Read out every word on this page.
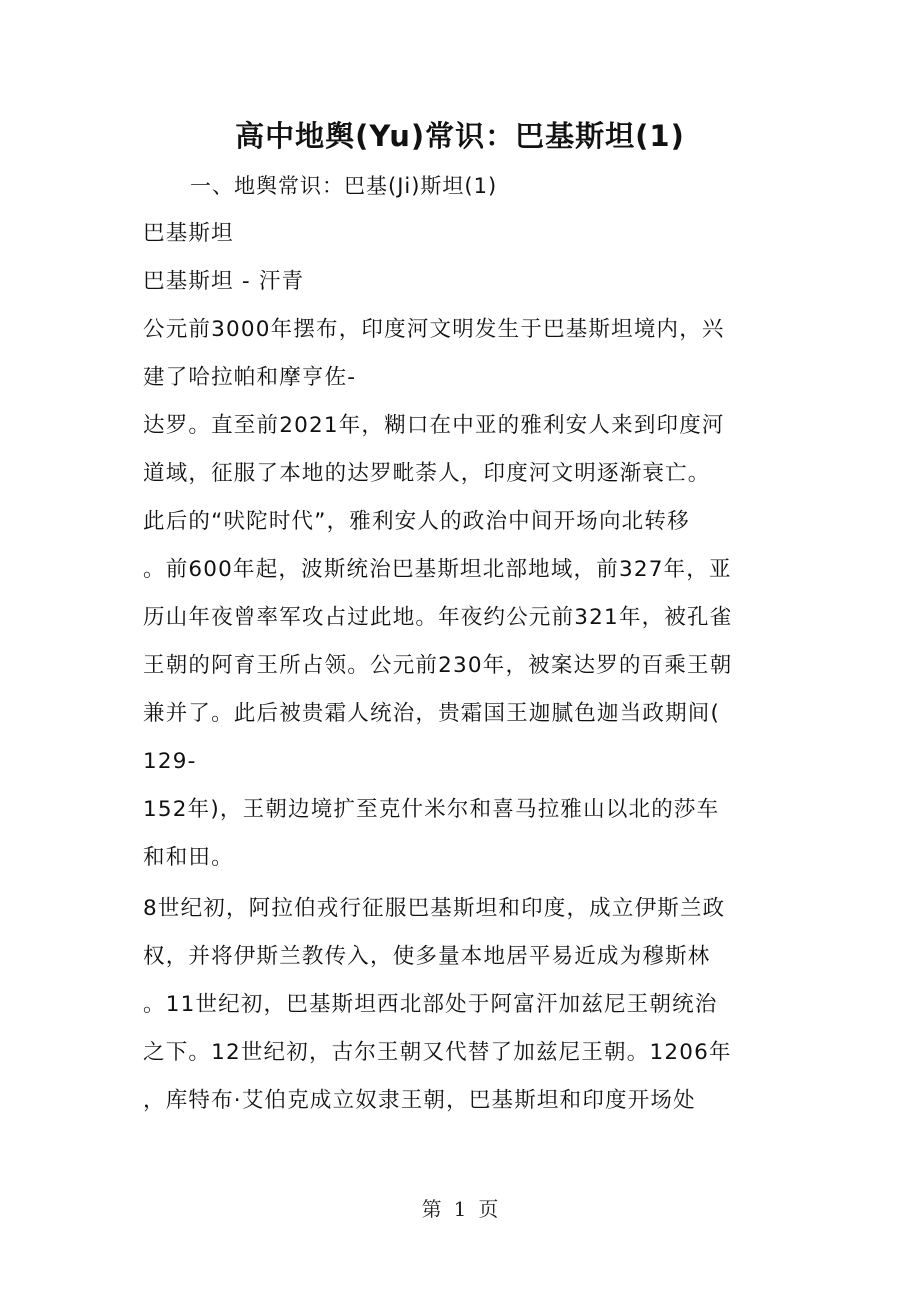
高中地舆(Yu)常识：巴基斯坦(1)
一、地舆常识：巴基(Ji)斯坦(1)
巴基斯坦
巴基斯坦 - 汗青
公元前3000年摆布，印度河文明发生于巴基斯坦境内，兴
建了哈拉帕和摩亨佐-
达罗。直至前2021年，糊口在中亚的雅利安人来到印度河
道域，征服了本地的达罗毗荼人，印度河文明逐渐衰亡。
此后的“吠陀时代”，雅利安人的政治中间开场向北转移
。前600年起，波斯统治巴基斯坦北部地域，前327年，亚
历山年夜曾率军攻占过此地。年夜约公元前321年，被孔雀
王朝的阿育王所占领。公元前230年，被案达罗的百乘王朝
兼并了。此后被贵霜人统治，贵霜国王迦腻色迦当政期间(
129-
152年)，王朝边境扩至克什米尔和喜马拉雅山以北的莎车
和和田。
8世纪初，阿拉伯戎行征服巴基斯坦和印度，成立伊斯兰政
权，并将伊斯兰教传入，使多量本地居平易近成为穆斯林
。11世纪初，巴基斯坦西北部处于阿富汗加兹尼王朝统治
之下。12世纪初，古尔王朝又代替了加兹尼王朝。1206年
，库特布·艾伯克成立奴隶王朝，巴基斯坦和印度开场处
第 1 页
